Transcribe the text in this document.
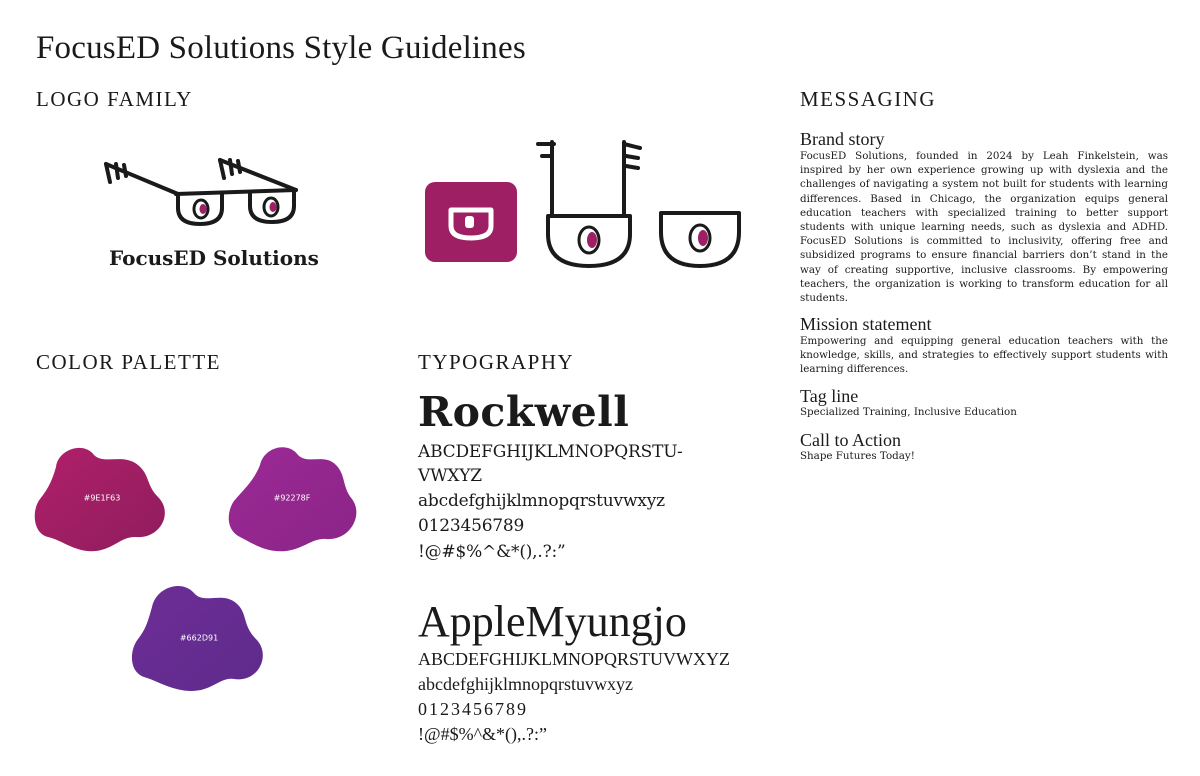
FocusED Solutions Style Guidelines
LOGO FAMILY
FocusED Solutions
COLOR PALETTE
#9E1F63	#92278F
#662D91
TYPOGRAPHY
Rockwell
ABCDEFGHIJKLMNOPQRSTU-
VWXYZ
abcdefghijklmnopqrstuvwxyz
0123456789
!@#$%^&*(),.?:”
AppleMyungjo
ABCDEFGHIJKLMNOPQRSTUVWXYZ
abcdefghijklmnopqrstuvwxyz
0123456789
!@#$%^&*(),.?:”
MESSAGING
Brand story
FocusED Solutions, founded in 2024 by Leah Finkelstein, was inspired by her own experience growing up with dyslexia and the challenges of navigating a system not built for students with learning differences. Based in Chicago, the organization equips general education teachers with specialized training to better support students with unique learning needs, such as dyslexia and ADHD. FocusED Solutions is committed to inclusivity, offering free and subsidized programs to ensure financial barriers don’t stand in the way of creating supportive, inclusive classrooms. By empowering teachers, the organization is working to transform education for all students.
Mission statement
Empowering and equipping general education teachers with the knowledge, skills, and strategies to effectively support students with learning differences.
Tag line
Specialized Training, Inclusive Education
Call to Action
Shape Futures Today!
